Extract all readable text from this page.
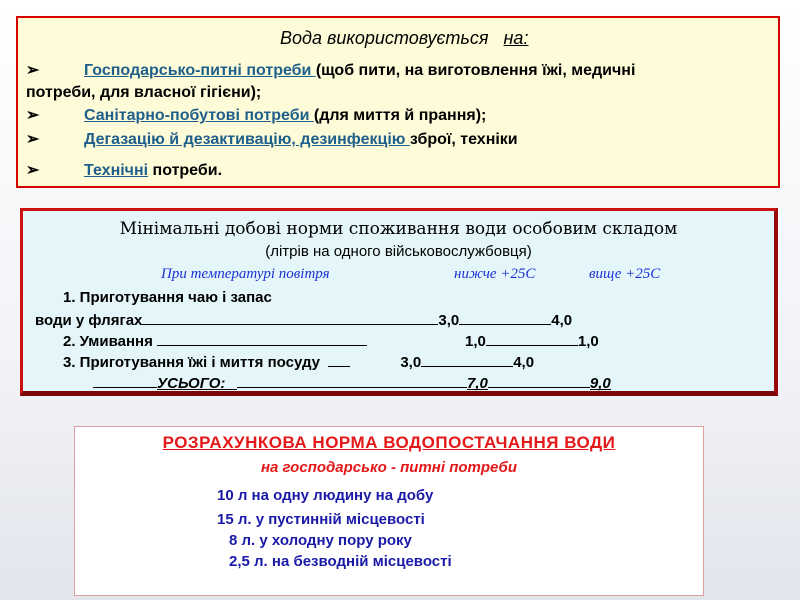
Вода використовується на:
➢	Господарсько-питні потреби (щоб пити, на виготовлення їжі, медичні
потреби, для власної гігієни);
➢	Санітарно-побутові потреби (для миття й прання);
➢	Дегазацію й дезактивацію, дезинфекцію зброї, техніки
➢	Технічні потреби.
Мінімальні добові норми споживання води особовим складом
(літрів на одного військовослужбовця)
При температурі повітря	нижче +25С	вище +25С
1. Приготування чаю і запас
води у флягах	3,0	4,0
2. Умивання	1,0	1,0
3. Приготування їжі і миття посуду	3,0	4,0
УСЬОГО:	7,0	9,0
РОЗРАХУНКОВА НОРМА ВОДОПОСТАЧАННЯ ВОДИ
на господарсько - питні потреби
10 л на одну людину на добу
15 л. у пустинній місцевості
8 л. у холодну пору року
2,5 л. на безводній місцевості
